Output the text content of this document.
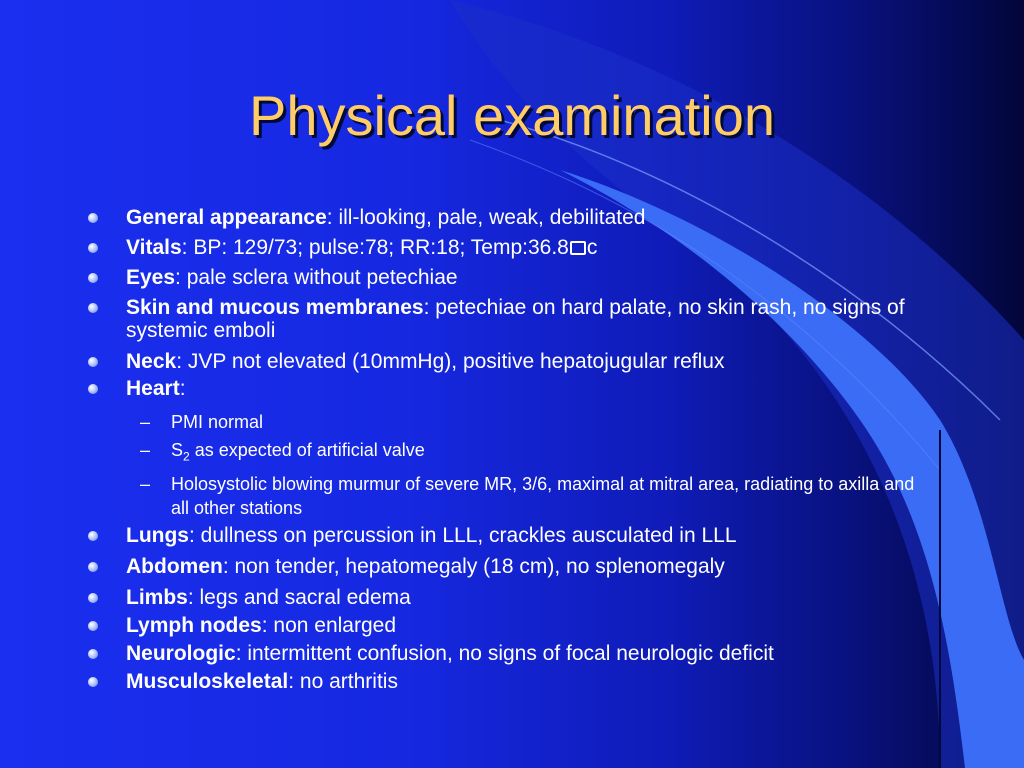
Physical examination
General appearance: ill-looking, pale, weak, debilitated
Vitals: BP: 129/73; pulse:78; RR:18; Temp:36.8 c
Eyes: pale sclera without petechiae
Skin and mucous membranes: petechiae on hard palate, no skin rash, no signs of systemic emboli
Neck: JVP not elevated (10mmHg), positive hepatojugular reflux
Heart:
– PMI normal
– $S_2$ as expected of artificial valve
– Holosystolic blowing murmur of severe MR, 3/6, maximal at mitral area, radiating to axilla and all other stations
Lungs: dullness on percussion in LLL, crackles ausculated in LLL
Abdomen: non tender, hepatomegaly (18 cm), no splenomegaly
Limbs: legs and sacral edema
Lymph nodes: non enlarged
Neurologic: intermittent confusion, no signs of focal neurologic deficit
Musculoskeletal: no arthritis
